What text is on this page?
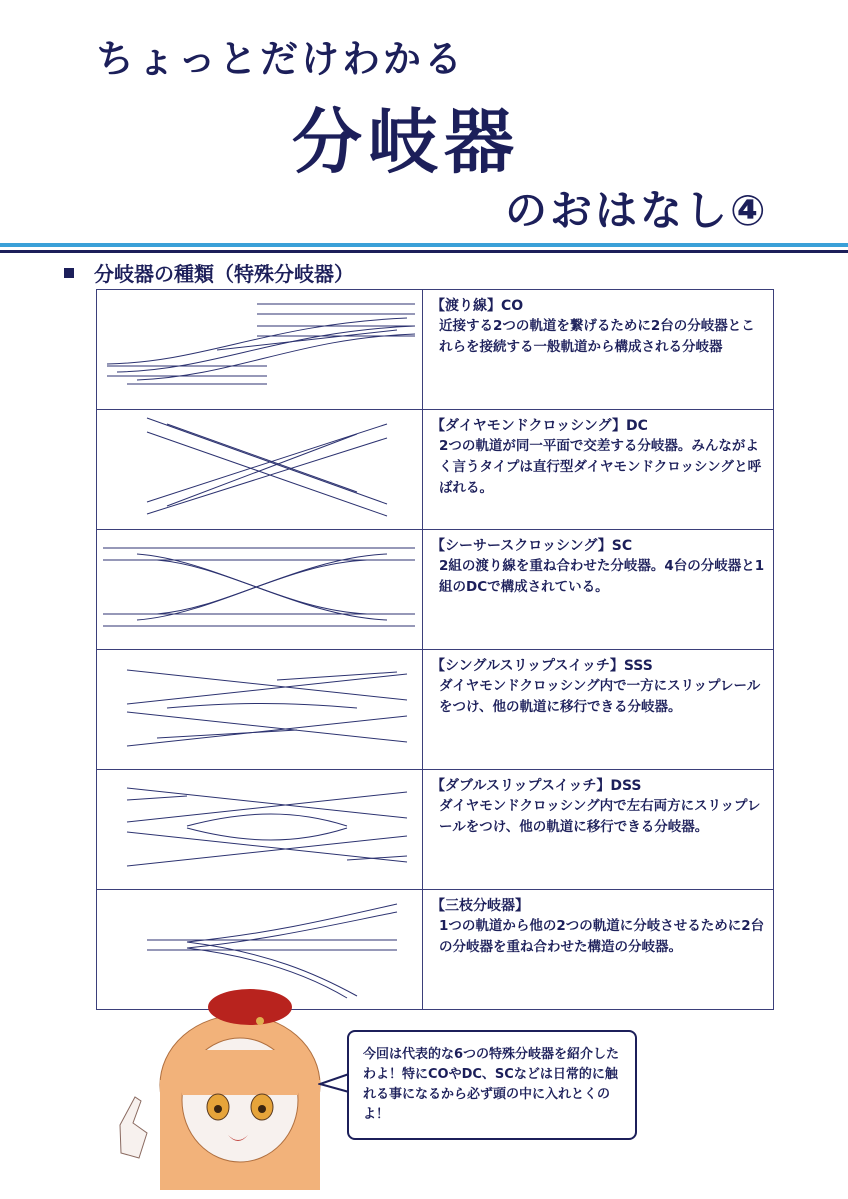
ちょっとだけわかる
分岐器
のおはなし④
分岐器の種類（特殊分岐器）

【渡り線】CO
近接する2つの軌道を繋げるために2台の分岐器とこれらを接続する一般軌道から構成される分岐器

【ダイヤモンドクロッシング】DC
2つの軌道が同一平面で交差する分岐器。みんながよく言うタイプは直行型ダイヤモンドクロッシングと呼ばれる。

【シーサースクロッシング】SC
2組の渡り線を重ね合わせた分岐器。4台の分岐器と1組のDCで構成されている。

【シングルスリップスイッチ】SSS
ダイヤモンドクロッシング内で一方にスリップレールをつけ、他の軌道に移行できる分岐器。

【ダブルスリップスイッチ】DSS
ダイヤモンドクロッシング内で左右両方にスリップレールをつけ、他の軌道に移行できる分岐器。

【三枝分岐器】
1つの軌道から他の2つの軌道に分岐させるために2台の分岐器を重ね合わせた構造の分岐器。
今回は代表的な6つの特殊分岐器を紹介したわよ！特にCOやDC、SCなどは日常的に触れる事になるから必ず頭の中に入れとくのよ！
